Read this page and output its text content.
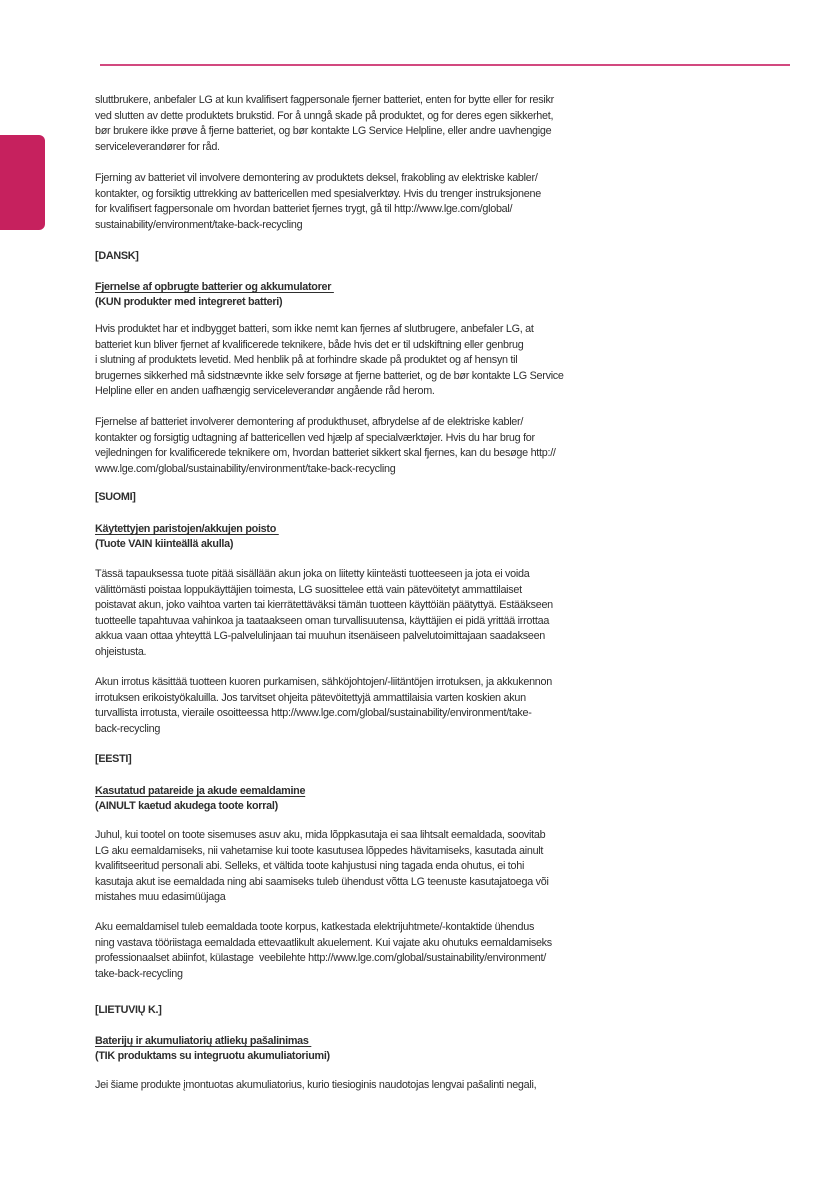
sluttbrukere, anbefaler LG at kun kvalifisert fagpersonale fjerner batteriet, enten for bytte eller for resikr
ved slutten av dette produktets brukstid. For å unngå skade på produktet, og for deres egen sikkerhet,
bør brukere ikke prøve å fjerne batteriet, og bør kontakte LG Service Helpline, eller andre uavhengige
serviceleverandører for råd.
Fjerning av batteriet vil involvere demontering av produktets deksel, frakobling av elektriske kabler/
kontakter, og forsiktig uttrekking av battericellen med spesialverktøy. Hvis du trenger instruksjonene
for kvalifisert fagpersonale om hvordan batteriet fjernes trygt, gå til http://www.lge.com/global/
sustainability/environment/take-back-recycling
[DANSK]
Fjernelse af opbrugte batterier og akkumulatorer
(KUN produkter med integreret batteri)
Hvis produktet har et indbygget batteri, som ikke nemt kan fjernes af slutbrugere, anbefaler LG, at
batteriet kun bliver fjernet af kvalificerede teknikere, både hvis det er til udskiftning eller genbrug
i slutning af produktets levetid. Med henblik på at forhindre skade på produktet og af hensyn til
brugernes sikkerhed må sidstnævnte ikke selv forsøge at fjerne batteriet, og de bør kontakte LG Service
Helpline eller en anden uafhængig serviceleverandør angående råd herom.
Fjernelse af batteriet involverer demontering af produkthuset, afbrydelse af de elektriske kabler/
kontakter og forsigtig udtagning af battericellen ved hjælp af specialværktøjer. Hvis du har brug for
vejledningen for kvalificerede teknikere om, hvordan batteriet sikkert skal fjernes, kan du besøge http://
www.lge.com/global/sustainability/environment/take-back-recycling
[SUOMI]
Käytettyjen paristojen/akkujen poisto
(Tuote VAIN kiinteällä akulla)
Tässä tapauksessa tuote pitää sisällään akun joka on liitetty kiinteästi tuotteeseen ja jota ei voida
välittömästi poistaa loppukäyttäjien toimesta, LG suosittelee että vain pätevöitetyt ammattilaiset
poistavat akun, joko vaihtoa varten tai kierrätettäväksi tämän tuotteen käyttöiän päätyttyä. Estääkseen
tuotteelle tapahtuvaa vahinkoa ja taataakseen oman turvallisuutensa, käyttäjien ei pidä yrittää irrottaa
akkua vaan ottaa yhteyttä LG-palvelulinjaan tai muuhun itsenäiseen palvelutoimittajaan saadakseen
ohjeistusta.
Akun irrotus käsittää tuotteen kuoren purkamisen, sähköjohtojen/-liitäntöjen irrotuksen, ja akkukennon
irrotuksen erikoistyökaluilla. Jos tarvitset ohjeita pätevöitettyjä ammattilaisia varten koskien akun
turvallista irrotusta, vieraile osoitteessa http://www.lge.com/global/sustainability/environment/take-
back-recycling
[EESTI]
Kasutatud patareide ja akude eemaldamine
(AINULT kaetud akudega toote korral)
Juhul, kui tootel on toote sisemuses asuv aku, mida lõppkasutaja ei saa lihtsalt eemaldada, soovitab
LG aku eemaldamiseks, nii vahetamise kui toote kasutusea lõppedes hävitamiseks, kasutada ainult
kvalifitseeritud personali abi. Selleks, et vältida toote kahjustusi ning tagada enda ohutus, ei tohi
kasutaja akut ise eemaldada ning abi saamiseks tuleb ühendust võtta LG teenuste kasutajatoega või
mistahes muu edasimüüjaga
Aku eemaldamisel tuleb eemaldada toote korpus, katkestada elektrijuhtmete/-kontaktide ühendus
ning vastava tööriistaga eemaldada ettevaatlikult akuelement. Kui vajate aku ohutuks eemaldamiseks
professionaalset abiinfot, külastage  veebilehte http://www.lge.com/global/sustainability/environment/
take-back-recycling
[LIETUVIŲ K.]
Baterijų ir akumuliatorių atliekų pašalinimas
(TIK produktams su integruotu akumuliatoriumi)
Jei šiame produkte įmontuotas akumuliatorius, kurio tiesioginis naudotojas lengvai pašalinti negali,
